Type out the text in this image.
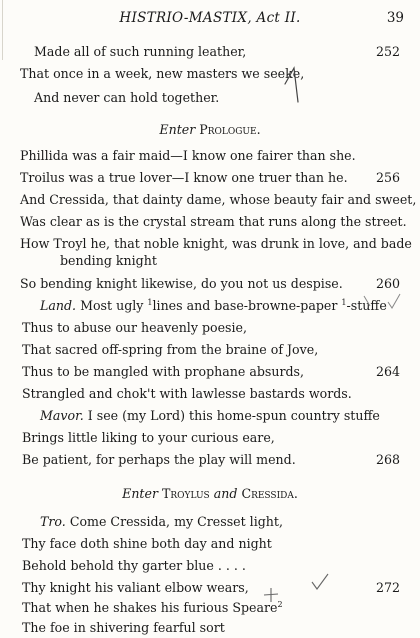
HISTRIO-MASTIX, Act II.	39
Made all of such running leather,	252
That once in a week, new masters we seeke,
And never can hold together.
Enter Prologue.
Phillida was a fair maid—I know one fairer than she.
Troilus was a true lover—I know one truer than he. 256
And Cressida, that dainty dame, whose beauty fair and sweet,
Was clear as is the crystal stream that runs along the street.
How Troyl he, that noble knight, was drunk in love, and bade
bending knight
So bending knight likewise, do you not us despise.	260
Land. Most ugly $^1$lines and base-browne-paper $^1$-stuffe
Thus to abuse our heavenly poesie,
That sacred off-spring from the braine of Jove,
Thus to be mangled with prophane absurds,	264
Strangled and chok't with lawlesse bastards words.
Mavor. I see (my Lord) this home-spun country stuffe
Brings little liking to your curious eare,
Be patient, for perhaps the play will mend.	268
Enter Troylus and Cressida.
Tro. Come Cressida, my Cresset light,
Thy face doth shine both day and night
Behold behold thy garter blue . . . .
Thy knight his valiant elbow wears,	272
That when he shakes his furious Speare$^2$
The foe in shivering fearful sort
